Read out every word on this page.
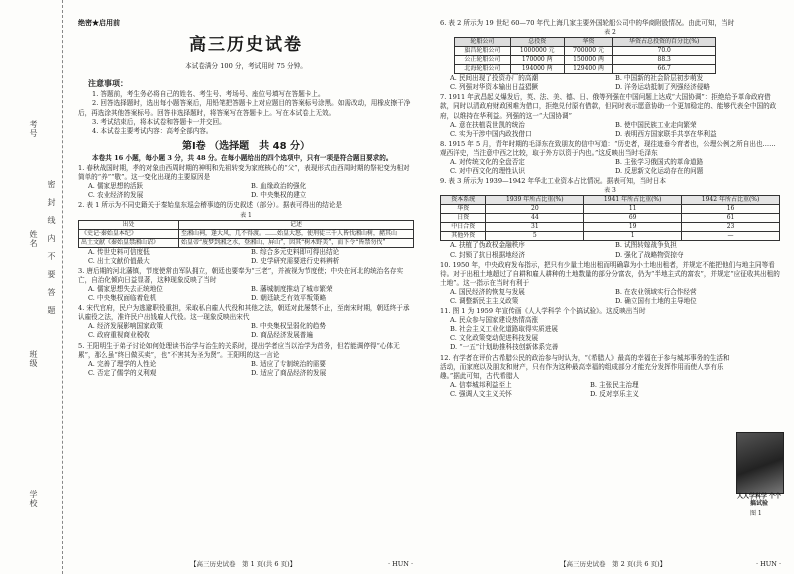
考号
姓名
班级
学校
密　封　线　内　不　要　答　题
绝密★启用前
高三历史试卷
本试卷满分 100 分，考试用时 75 分钟。
注意事项：

1. 答题前，考生务必将自己的姓名、考生号、考场号、座位号填写在答题卡上。

2. 回答选择题时，选出每小题答案后，用铅笔把答题卡上对应题目的答案标号涂黑。如需改动，用橡皮擦干净后，再选涂其他答案标号。回答非选择题时，将答案写在答题卡上。写在本试卷上无效。

3. 考试结束后，将本试卷和答题卡一并交回。

4. 本试卷主要考试内容：高考全部内容。

第Ⅰ卷 （选择题　共 48 分）

本卷共 16 小题，每小题 3 分，共 48 分。在每小题给出的四个选项中，只有一项是符合题目要求的。

1. 春秋战国时期，孝的对象由西周时期的神明和先祖转变为家庭核心的“父”，表现形式由西周时期的祭祀变为相对简单的“养”“敬”。这一变化出现的主要原因是

A. 儒家思想的活跃	B. 血缘政治的强化
C. 农业经济的发展	D. 中央集权的建立

2. 表 1 所示为不同史籍关于秦始皇东巡会稽事迹的历史叙述（部分）。据表可得出的结论是

表 1

出处	记述
《史记·秦始皇本纪》	至湘山祠，逢大风，几不得渡。……始皇大怒，使刑徒三千人皆伐湘山树，赭其山
出土文献《秦始皇禁湘山诏》	始皇帝“废梦到湘之水，登湘山、屏山”，因其“树木野美”，而下令“皆禁勿伐”
A. 传世史料可信度低	B. 综合多元史料即可得出结论
C. 出土文献价值最大	D. 史学研究需要进行史料辨析

3. 唐后期的河北藩镇，节度使常由军队拥立，朝廷也要奉为“三老”，并被视为节度使；中央在河北的统治名存实亡，自治化倾向日益显著，这种现象反映了当时

A. 儒家思想失去正统地位	B. 藩城制度推动了城市繁荣
C. 中央集权面临着危机	D. 朝廷缺乏有效平叛策略

4. 宋代官府，民户为逃避职役重担，采取私自雇人代役和其他之法，朝廷对此屡禁不止，至南宋时期，朝廷终于承认雇役之法，准许民户出钱雇人代役。这一现象反映出宋代

A. 经济发展影响国家政策	B. 中央集权呈弱化的趋势
C. 政府重视商业税收	D. 商品经济发展普遍

5. 王阳明生于弟子讨论如何处理读书治学与治生的关系时，提出学者应当以治学为首务，但若能调停得“心体无累”，那么虽“终日做买卖”，也“不害其为圣为贤”。王阳明的这一言论

A. 完善了理学的人性论	B. 适应了专制统治的需要
C. 否定了儒学的义利观	D. 适应了商品经济的发展

6. 表 2 所示为 19 世纪 60—70 年代上海几家主要外国轮船公司中的华商附股情况。由此可知，当时

表 2

轮船公司	总投资	华资	华资占总投资的百分比(%)
旗昌轮船公司	1000000 元	700000 元	70.0
公正轮船公司	170000 两	150000 两	88.3
北海轮船公司	194000 两	129400 两	66.7
A. 民间出现了投资办厂的高潮	B. 中国新的社会阶层初步萌发
C. 列强对华资本输出日益猖獗	D. 洋务运动抵制了列强经济侵略

7. 1911 年武昌起义爆发后，英、法、美、德、日、俄等列强在中国问题上达成“大国协调”：拒绝给予革命政府借款，同时以清政府财政困难为借口，拒绝兑付原有借款，但同时表示愿意协助一个更加稳定的、能够代表全中国的政府，以维持在华利益。列强的这一“大国协调”

A. 意在扶植袁世凯的统治	B. 使中国民族工业走向繁荣
C. 实为干涉中国内政找借口	D. 表明西方国家联手共享在华利益

8. 1915 年 5 月，青年时期的毛泽东在致朋友的信中写道：“历史者，现往迹垂今育者也，公理公例之所自出也……观西洋史，当注意中西之比较，取于外方以资于内也。”这反映出当时毛泽东

A. 对传统文化的全盘否定	B. 主张学习俄国式的革命道路
C. 对中西文化的理性认识	D. 反思新文化运动存在的问题

9. 表 3 所示为 1939—1942 年华北工业资本占比情况。据表可知，当时日本

表 3

资本系统	1939 年所占比重(%)	1941 年所占比重(%)	1942 年所占比重(%)
华资	20	11	16
日资	44	69	61
中日合资	31	19	23
其他外资	5	1	—
A. 扶植了伪政权金融秩序	B. 试图转嫁战争负担
C. 封锁了抗日根据地经济	D. 强化了战略物资掠夺

10. 1950 年，中央政府发布指示，把只有少量土地出租而明确靠为小土地出租者，并规定不能把他们与地主同等看待。对于出租土地超过了自耕和雇人耕种的土地数量的部分分富农，仍为“半地主式的富农”，并规定“应征收其出租的土地”。这一指示在当时有利于

A. 国民经济的恢复与发展	B. 在农业领域实行合作经营
C. 调整新民主主义政策	D. 确立国有土地的主导地位

11. 图 1 为 1959 年宣传画《人人学科学 个个搞试验》。这反映出当时

A. 民众参与国家建设热情高涨
B. 社会主义工业化道路取得实质进展
C. 文化政策变动促进科技发展
D. “一五”计划助推科技创新体系完善

12. 有学者在评价古希腊公民的政治参与时认为，“《希腊人》最高的幸福在于参与城邦事务的生活和活动，而家庭以及朋友和财产，只有作为这种最高幸福的组成部分才能充分发挥作用而使人享有乐趣。”据此可知，古代希腊人

A. 信奉城邦利益至上	B. 主张民主治理
C. 强调人文主义关怀	D. 反对享乐主义
人人学科学 个个搞试验
图 1
【高三历史试卷　第 1 页(共 6 页)】	· HUN ·	【高三历史试卷　第 2 页(共 6 页)】	· HUN ·
